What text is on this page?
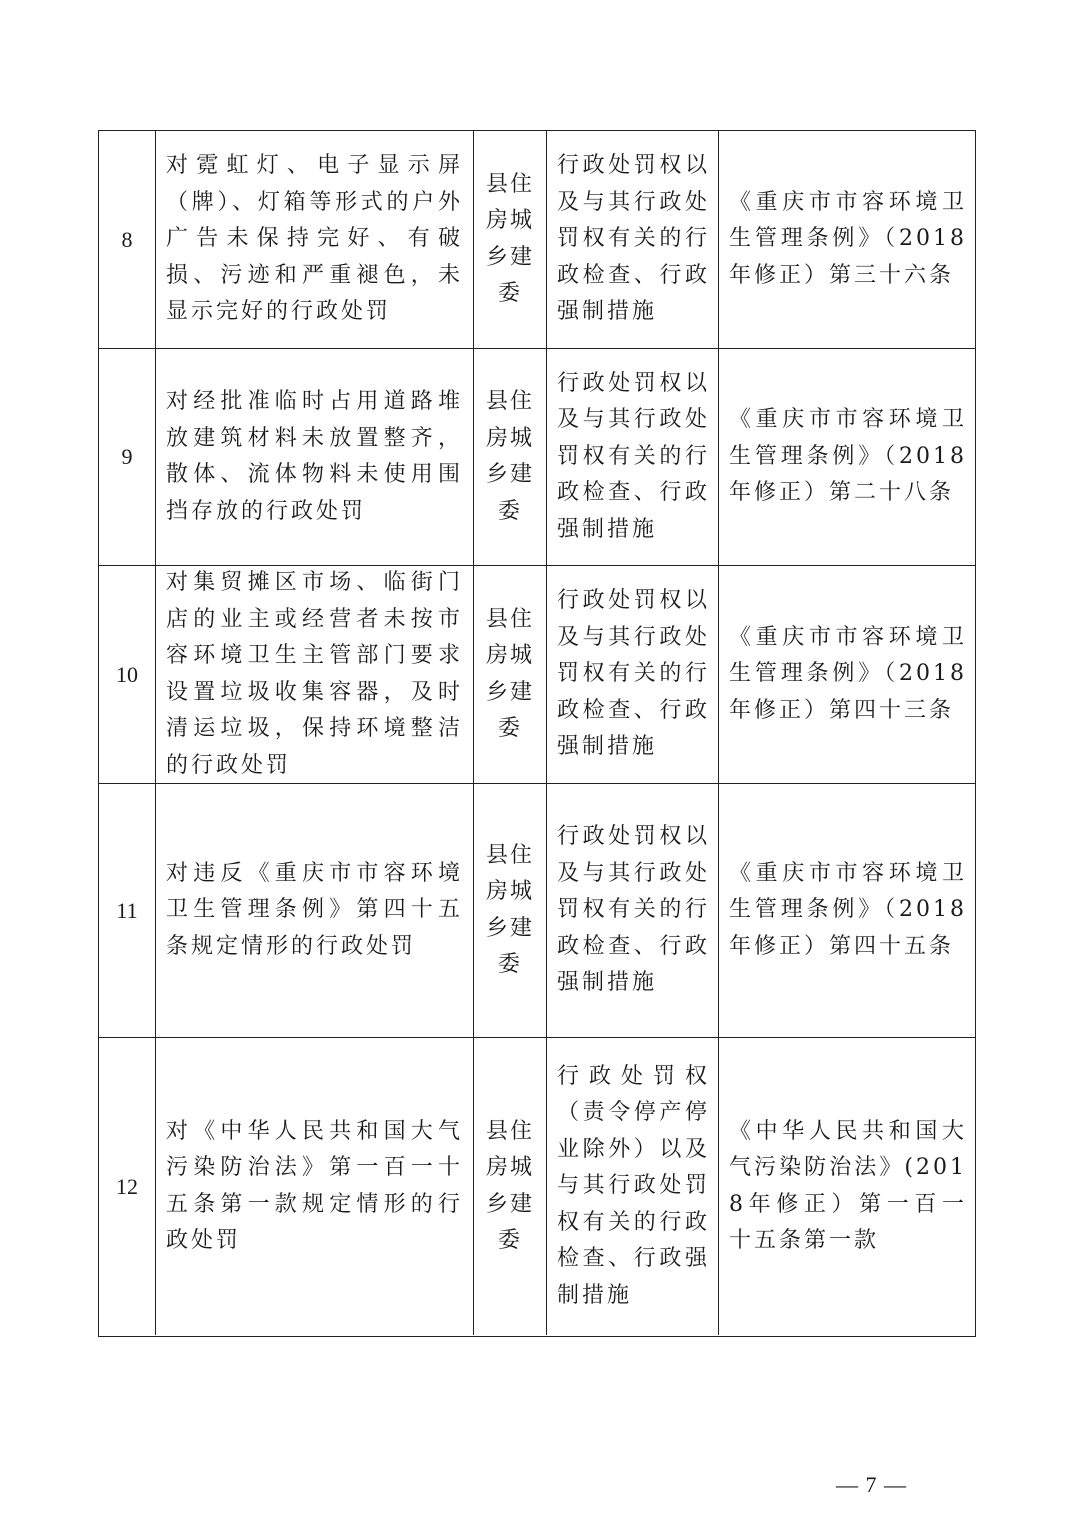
8
对霓虹灯、电子显示屏（牌）、灯箱等形式的户外广告未保持完好、有破损、污迹和严重褪色，未显示完好的行政处罚
县住房城乡建委
行政处罚权以及与其行政处罚权有关的行政检查、行政强制措施
《重庆市市容环境卫生管理条例》（2018年修正）第三十六条
9
对经批准临时占用道路堆放建筑材料未放置整齐，散体、流体物料未使用围挡存放的行政处罚
县住房城乡建委
行政处罚权以及与其行政处罚权有关的行政检查、行政强制措施
《重庆市市容环境卫生管理条例》（2018年修正）第二十八条
10
对集贸摊区市场、临街门店的业主或经营者未按市容环境卫生主管部门要求设置垃圾收集容器，及时清运垃圾，保持环境整洁的行政处罚
县住房城乡建委
行政处罚权以及与其行政处罚权有关的行政检查、行政强制措施
《重庆市市容环境卫生管理条例》（2018年修正）第四十三条
11
对违反《重庆市市容环境卫生管理条例》第四十五条规定情形的行政处罚
县住房城乡建委
行政处罚权以及与其行政处罚权有关的行政检查、行政强制措施
《重庆市市容环境卫生管理条例》（2018年修正）第四十五条
12
对《中华人民共和国大气污染防治法》第一百一十五条第一款规定情形的行政处罚
县住房城乡建委
行政处罚权（责令停产停业除外）以及与其行政处罚权有关的行政检查、行政强制措施
《中华人民共和国大气污染防治法》(2018年修正）第一百一十五条第一款
— 7 —
